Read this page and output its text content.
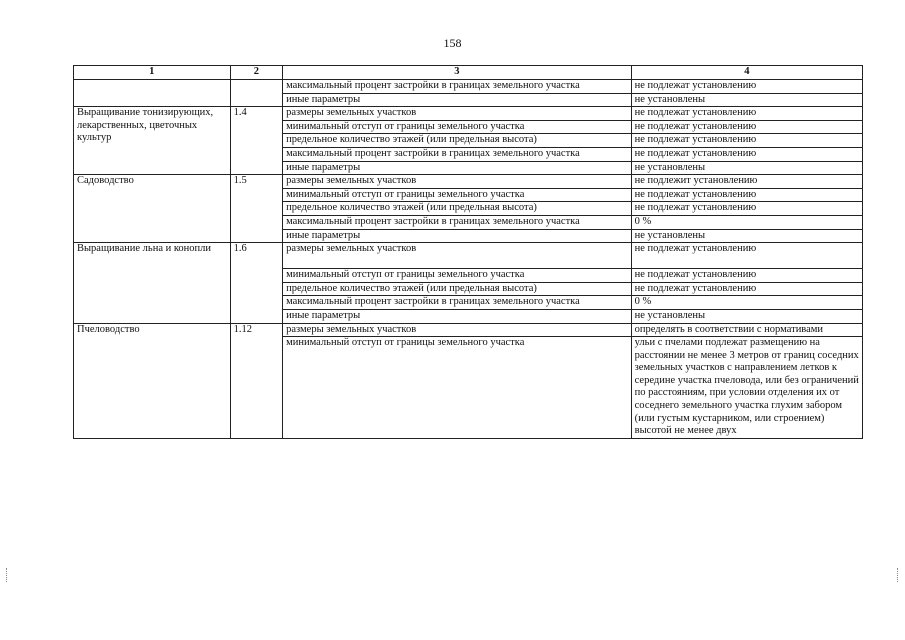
158
1	2	3	4
		максимальный процент застройки в границах земельного участка	не подлежат установлению
		иные параметры	не установлены
Выращивание тонизирующих, лекарственных, цветочных культур	1.4	размеры земельных участков	не подлежат установлению
		минимальный отступ от границы земельного участка	не подлежат установлению
		предельное количество этажей (или предельная высота)	не подлежат установлению
		максимальный процент застройки в границах земельного участка	не подлежат установлению
		иные параметры	не установлены
Садоводство	1.5	размеры земельных участков	не подлежит установлению
		минимальный отступ от границы земельного участка	не подлежат установлению
		предельное количество этажей (или предельная высота)	не подлежат установлению
		максимальный процент застройки в границах земельного участка	0 %
		иные параметры	не установлены
Выращивание льна и конопли	1.6	размеры земельных участков	не подлежат установлению
		минимальный отступ от границы земельного участка	не подлежат установлению
		предельное количество этажей (или предельная высота)	не подлежат установлению
		максимальный процент застройки в границах земельного участка	0 %
		иные параметры	не установлены
Пчеловодство	1.12	размеры земельных участков	определять в соответствии с нормативами
		минимальный отступ от границы земельного участка	ульи с пчелами подлежат размещению на расстоянии не менее 3 метров от границ соседних земельных участков с направлением летков к середине участка пчеловода, или без ограничений по расстояниям, при условии отделения их от соседнего земельного участка глухим забором (или густым кустарником, или строением) высотой не менее двух
